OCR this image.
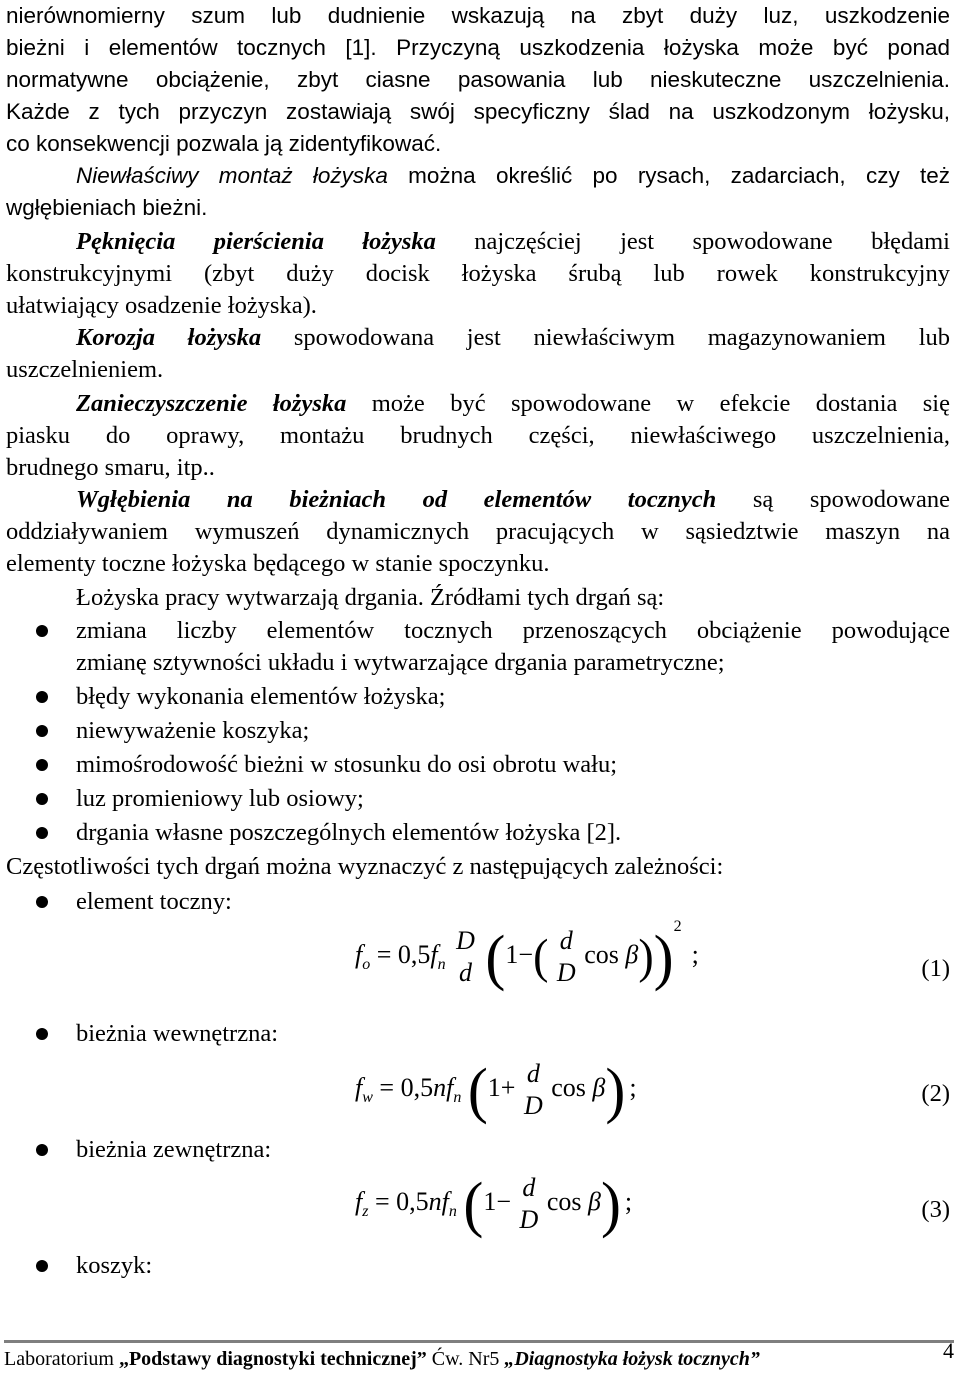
nierównomierny szum lub dudnienie wskazują na zbyt duży luz, uszkodzenie
bieżni i elementów tocznych [1]. Przyczyną uszkodzenia łożyska może być ponad
normatywne obciążenie, zbyt ciasne pasowania lub nieskuteczne uszczelnienia.
Każde z tych przyczyn zostawiają swój specyficzny ślad na uszkodzonym łożysku,
co konsekwencji pozwala ją zidentyfikować.
Niewłaściwy montaż łożyska można określić po rysach, zadarciach, czy też
wgłębieniach bieżni.
Pęknięcia pierścienia łożyska najczęściej jest spowodowane błędami
konstrukcyjnymi (zbyt duży docisk łożyska śrubą lub rowek konstrukcyjny
ułatwiający osadzenie łożyska).
Korozja łożyska spowodowana jest niewłaściwym magazynowaniem lub
uszczelnieniem.
Zanieczyszczenie łożyska może być spowodowane w efekcie dostania się
piasku do oprawy, montażu brudnych części, niewłaściwego uszczelnienia,
brudnego smaru, itp..
Wgłębienia na bieżniach od elementów tocznych są spowodowane
oddziaływaniem wymuszeń dynamicznych pracujących w sąsiedztwie maszyn na
elementy toczne łożyska będącego w stanie spoczynku.
Łożyska pracy wytwarzają drgania. Źródłami tych drgań są:
zmiana liczby elementów tocznych przenoszących obciążenie powodujące
zmianę sztywności układu i wytwarzające drgania parametryczne;
błędy wykonania elementów łożyska;
niewyważenie koszyka;
mimośrodowość bieżni w stosunku do osi obrotu wału;
luz promieniowy lub osiowy;
drgania własne poszczególnych elementów łożyska [2].
Częstotliwości tych drgań można wyznaczyć z następujących zależności:
element toczny:
bieżnia wewnętrzna:
bieżnia zewnętrzna:
koszyk:
$f_o = 0,5f_n$
D
d (1−( d
D
cos β))$^2$;	(1)
$f_w = 0,5nf_n$ (1+ d
D
cos β) ;	(2)
$f_z = 0,5nf_n$ (1− d
D
cos β) ;	(3)
Laboratorium „Podstawy diagnostyki technicznej” Ćw. Nr5 „Diagnostyka łożysk tocznych”	4
